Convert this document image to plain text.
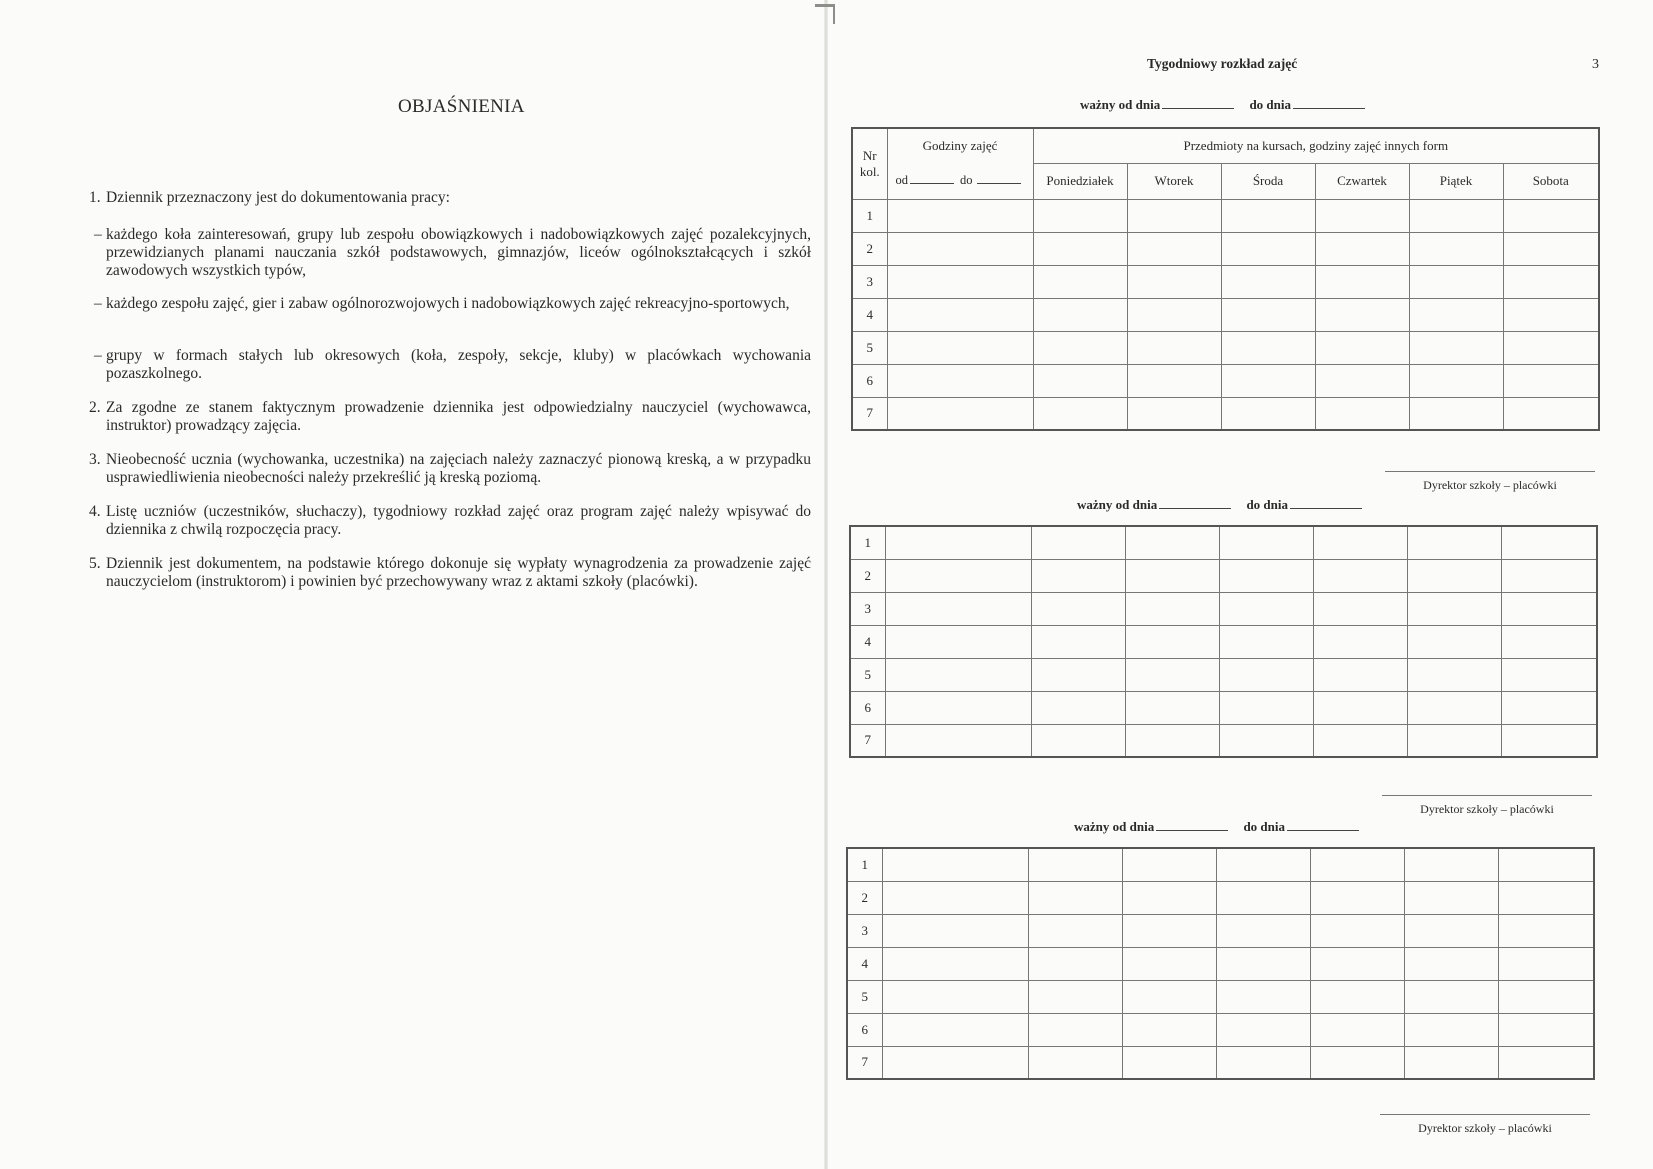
OBJAŚNIENIA
1. Dziennik przeznaczony jest do dokumentowania pracy:
– każdego koła zainteresowań, grupy lub zespołu obowiązkowych i nadobowiązkowych zajęć pozalekcyjnych, przewidzianych planami nauczania szkół podstawowych, gimnazjów, liceów ogólnokształcących i szkół zawodowych wszystkich typów,
– każdego zespołu zajęć, gier i zabaw ogólnorozwojowych i nadobowiązkowych zajęć rekreacyjno-sportowych,
– grupy w formach stałych lub okresowych (koła, zespoły, sekcje, kluby) w placówkach wychowania pozaszkolnego.
2. Za zgodne ze stanem faktycznym prowadzenie dziennika jest odpowiedzialny nauczyciel (wychowawca, instruktor) prowadzący zajęcia.
3. Nieobecność ucznia (wychowanka, uczestnika) na zajęciach należy zaznaczyć pionową kreską, a w przypadku usprawiedliwienia nieobecności należy przekreślić ją kreską poziomą.
4. Listę uczniów (uczestników, słuchaczy), tygodniowy rozkład zajęć oraz program zajęć należy wpisywać do dziennika z chwilą rozpoczęcia pracy.
5. Dziennik jest dokumentem, na podstawie którego dokonuje się wypłaty wynagrodzenia za prowadzenie zajęć nauczycielom (instruktorom) i powinien być przechowywany wraz z aktami szkoły (placówki).
Tygodniowy rozkład zajęć	3
ważny od dnia	do dnia
Nr
kol.	Godziny zajęć	Przedmioty na kursach, godziny zajęć innych form					
	od do	Poniedziałek	Wtorek	Środa	Czwartek	Piątek	Sobota
1							
2							
3							
4							
5							
6							
7							
Dyrektor szkoły – placówki
ważny od dnia	do dnia
1							
2							
3							
4							
5							
6							
7							
Dyrektor szkoły – placówki
ważny od dnia	do dnia
1							
2							
3							
4							
5							
6							
7							
Dyrektor szkoły – placówki
